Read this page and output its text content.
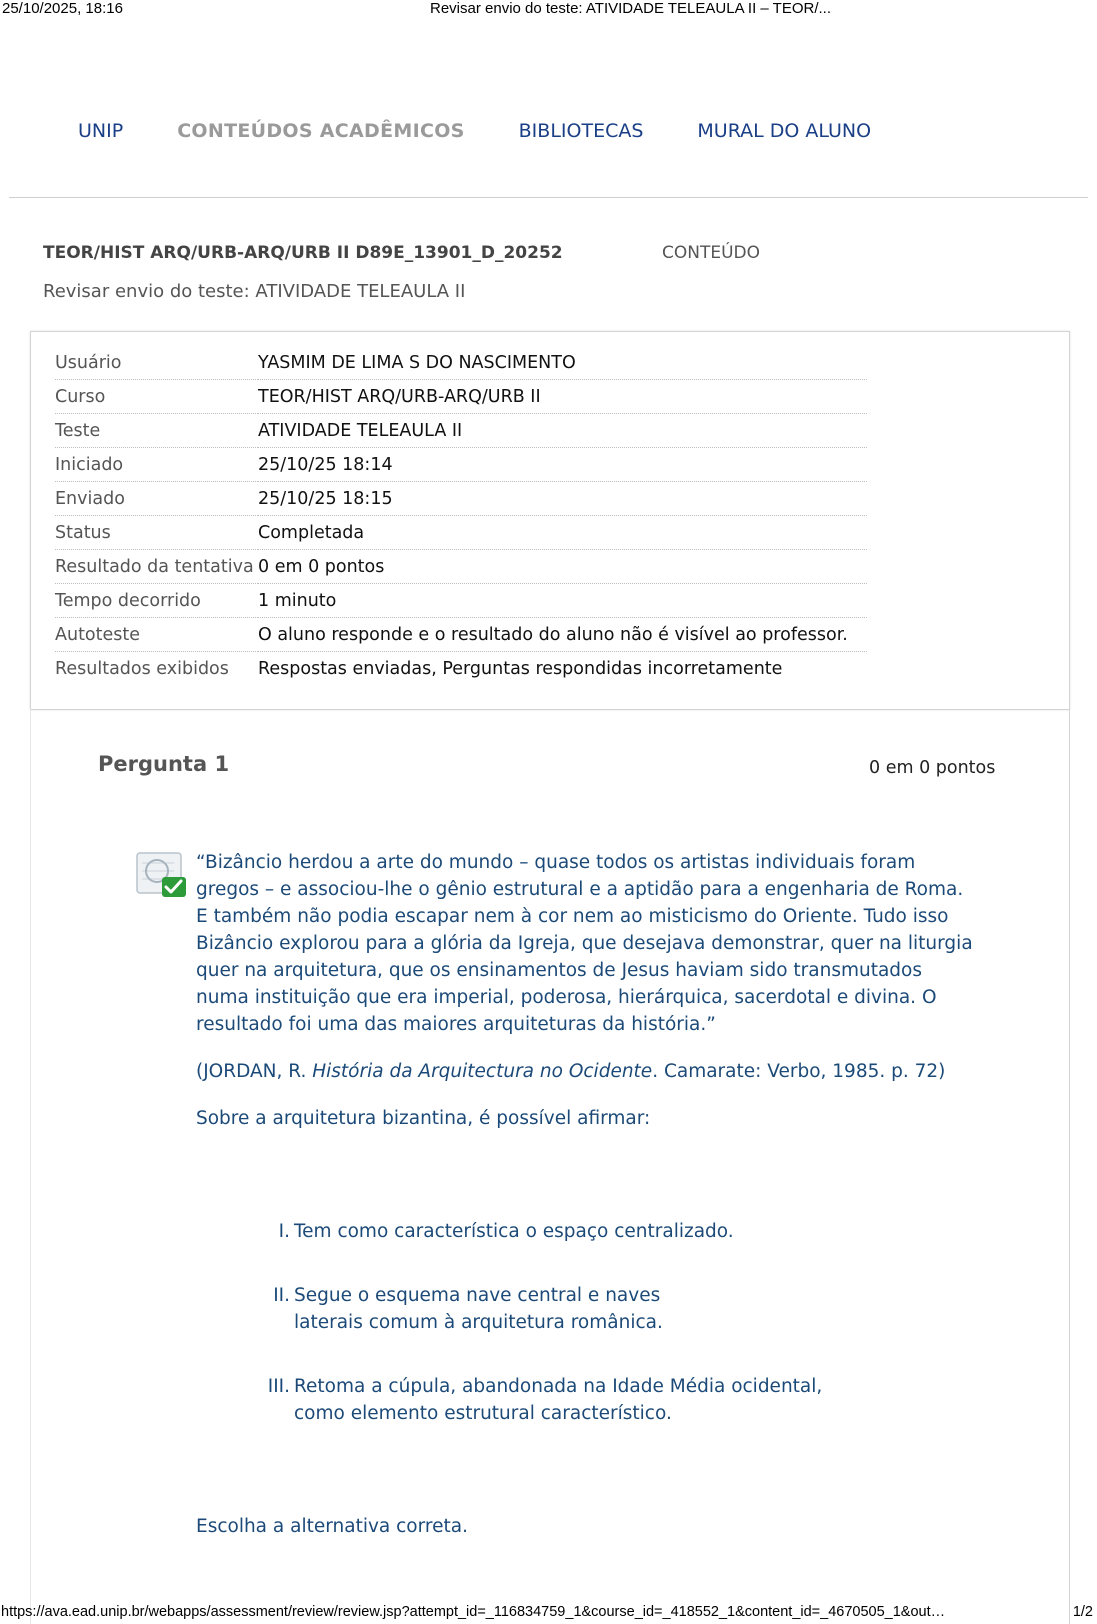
25/10/2025, 18:16	Revisar envio do teste: ATIVIDADE TELEAULA II – TEOR/...
UNIP	CONTEÚDOS ACADÊMICOS	BIBLIOTECAS	MURAL DO ALUNO
TEOR/HIST ARQ/URB-ARQ/URB II D89E_13901_D_20252	CONTEÚDO
Revisar envio do teste: ATIVIDADE TELEAULA II
Usuário	YASMIM DE LIMA S DO NASCIMENTO
Curso	TEOR/HIST ARQ/URB-ARQ/URB II
Teste	ATIVIDADE TELEAULA II
Iniciado	25/10/25 18:14
Enviado	25/10/25 18:15
Status	Completada
Resultado da tentativa	0 em 0 pontos
Tempo decorrido	1 minuto
Autoteste	O aluno responde e o resultado do aluno não é visível ao professor.
Resultados exibidos	Respostas enviadas, Perguntas respondidas incorretamente
Pergunta 1	0 em 0 pontos
“Bizâncio herdou a arte do mundo – quase todos os artistas individuais foram gregos – e associou-lhe o gênio estrutural e a aptidão para a engenharia de Roma. E também não podia escapar nem à cor nem ao misticismo do Oriente. Tudo isso Bizâncio explorou para a glória da Igreja, que desejava demonstrar, quer na liturgia quer na arquitetura, que os ensinamentos de Jesus haviam sido transmutados numa instituição que era imperial, poderosa, hierárquica, sacerdotal e divina. O resultado foi uma das maiores arquiteturas da história.”
(JORDAN, R. História da Arquitectura no Ocidente. Camarate: Verbo, 1985. p. 72)
Sobre a arquitetura bizantina, é possível afirmar:
I. Tem como característica o espaço centralizado.
II. Segue o esquema nave central e naves laterais comum à arquitetura românica.
III. Retoma a cúpula, abandonada na Idade Média ocidental, como elemento estrutural característico.
Escolha a alternativa correta.
https://ava.ead.unip.br/webapps/assessment/review/review.jsp?attempt_id=_116834759_1&course_id=_418552_1&content_id=_4670505_1&out…	1/2
